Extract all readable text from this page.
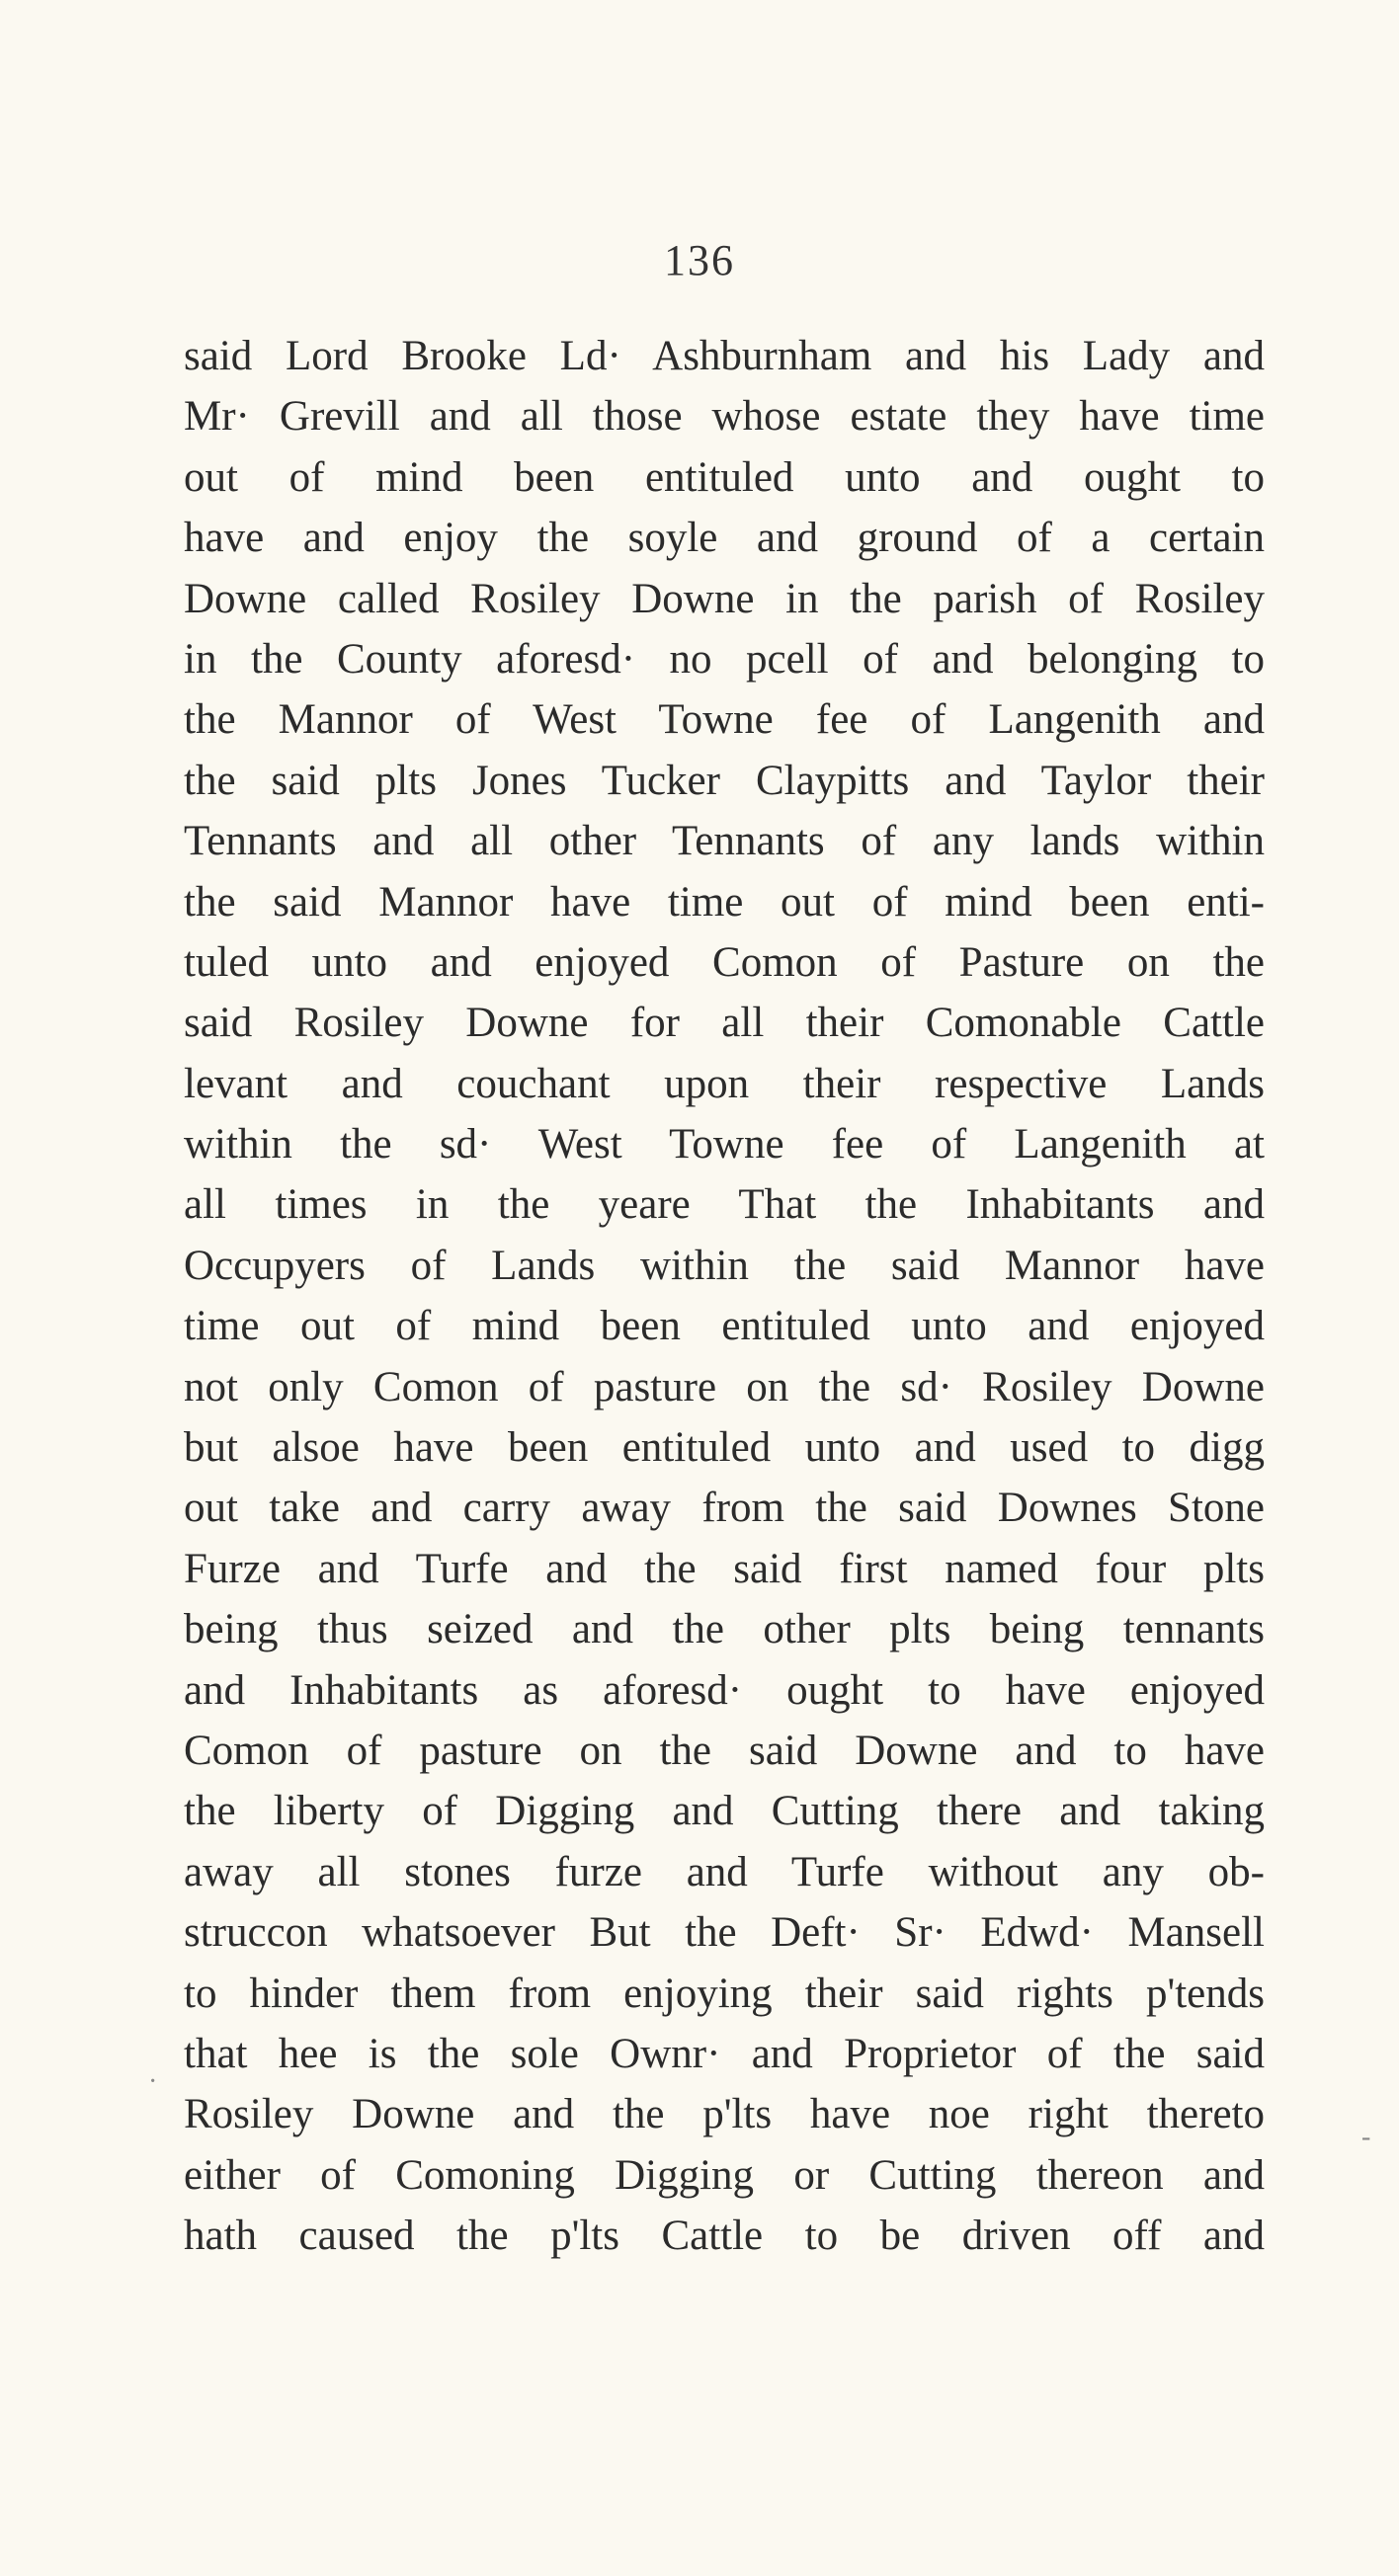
136
said Lord Brooke Ld· Ashburnham and his Lady and
Mr· Grevill and all those whose estate they have time
out of mind been entituled unto and ought to
have and enjoy the soyle and ground of a certain
Downe called Rosiley Downe in the parish of Rosiley
in the County aforesd· no pcell of and belonging to
the Mannor of West Towne fee of Langenith and
the said plts Jones Tucker Claypitts and Taylor their
Tennants and all other Tennants of any lands within
the said Mannor have time out of mind been enti-
tuled unto and enjoyed Comon of Pasture on the
said Rosiley Downe for all their Comonable Cattle
levant and couchant upon their respective Lands
within the sd· West Towne fee of Langenith at
all times in the yeare That the Inhabitants and
Occupyers of Lands within the said Mannor have
time out of mind been entituled unto and enjoyed
not only Comon of pasture on the sd· Rosiley Downe
but alsoe have been entituled unto and used to digg
out take and carry away from the said Downes Stone
Furze and Turfe and the said first named four plts
being thus seized and the other plts being tennants
and Inhabitants as aforesd· ought to have enjoyed
Comon of pasture on the said Downe and to have
the liberty of Digging and Cutting there and taking
away all stones furze and Turfe without any ob-
struccon whatsoever But the Deft· Sr· Edwd· Mansell
to hinder them from enjoying their said rights p'tends
that hee is the sole Ownr· and Proprietor of the said
Rosiley Downe and the p'lts have noe right thereto
either of Comoning Digging or Cutting thereon and
hath caused the p'lts Cattle to be driven off and
·
-
